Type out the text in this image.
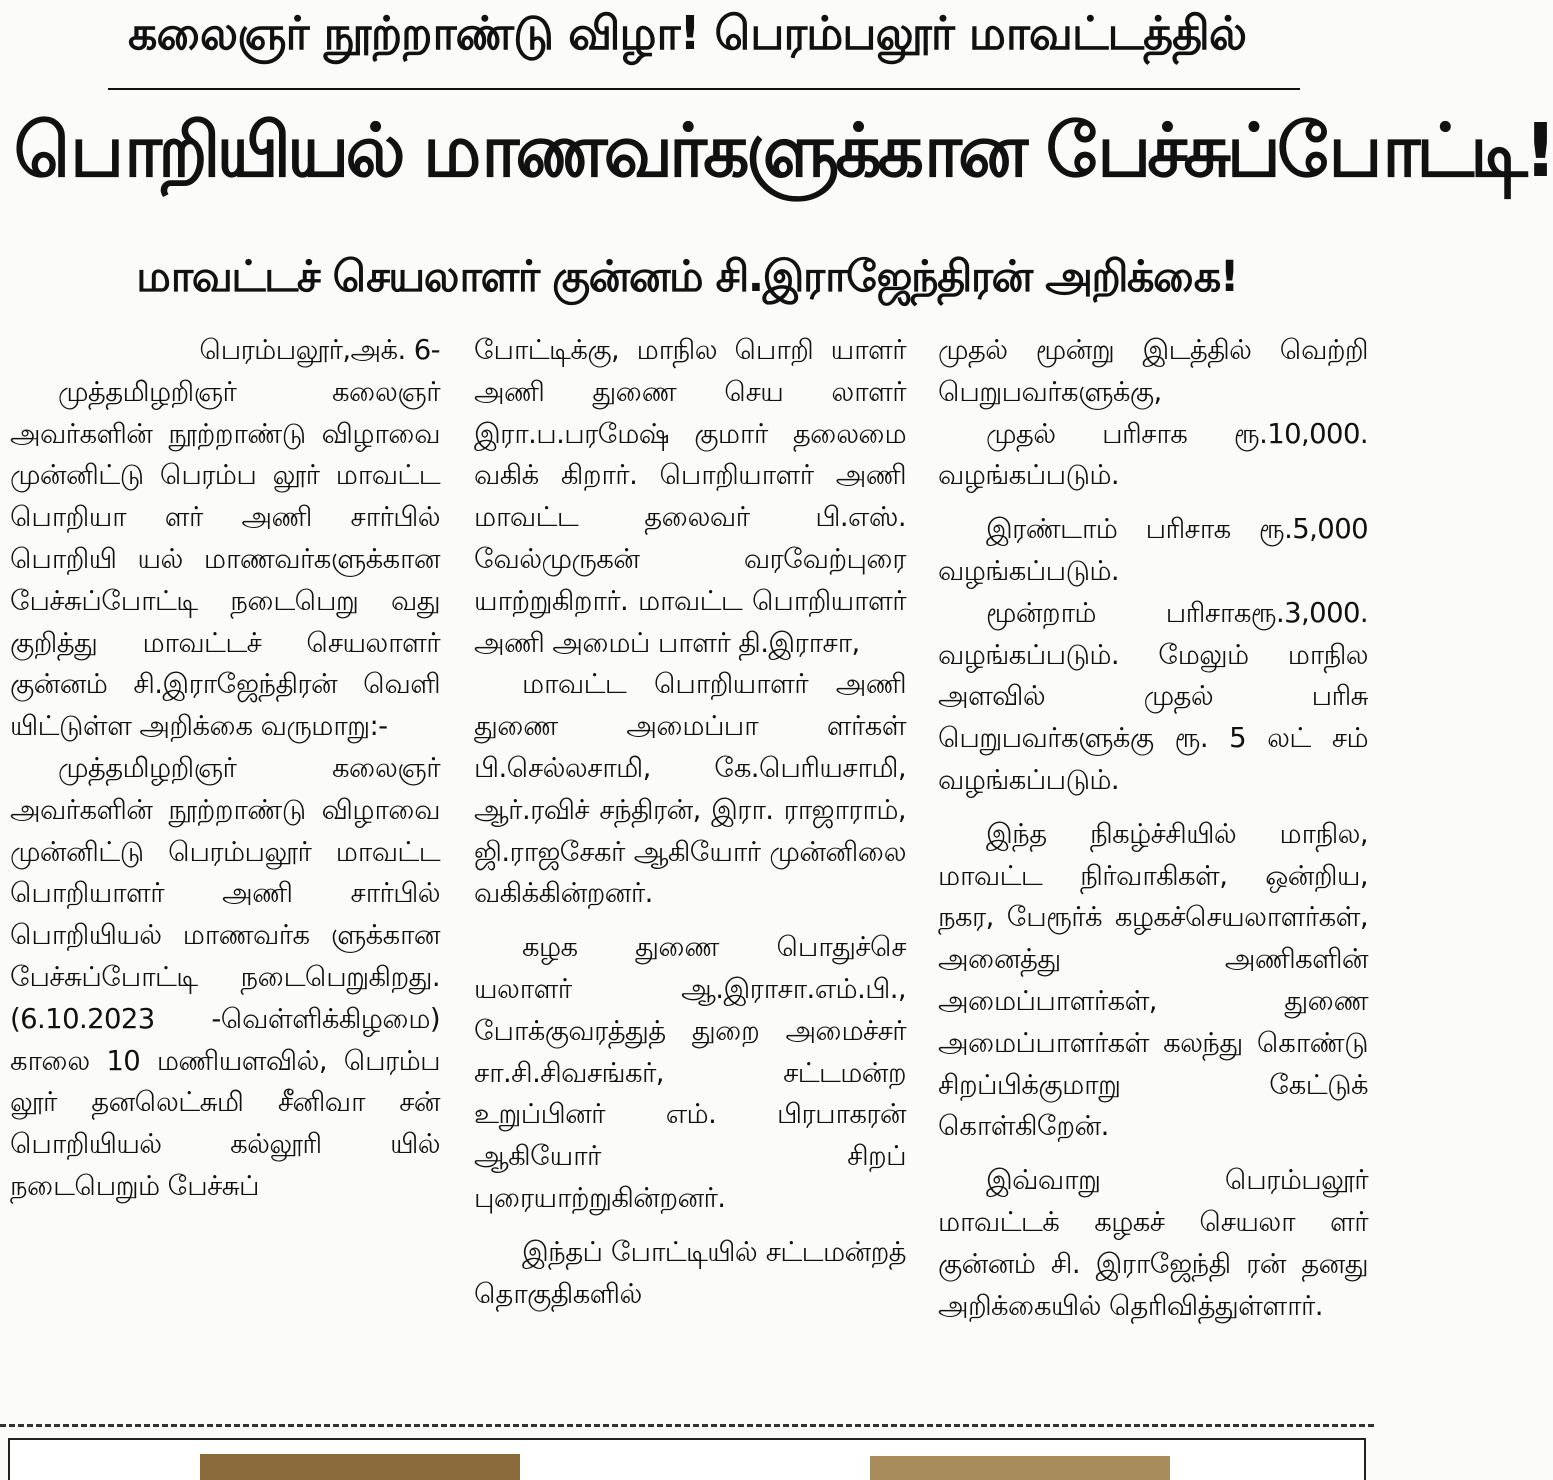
கலைஞர் நூற்றாண்டு விழா! பெரம்பலூர் மாவட்டத்தில்
பொறியியல் மாணவர்களுக்கான பேச்சுப்போட்டி!
மாவட்டச் செயலாளர் குன்னம் சி.இராஜேந்திரன் அறிக்கை!

பெரம்பலூர்,அக். 6-

முத்தமிழறிஞர் கலைஞர் அவர்களின் நூற்றாண்டு விழாவை முன்னிட்டு பெரம்ப லூர் மாவட்ட பொறியா ளர் அணி சார்பில் பொறியி யல் மாணவர்களுக்கான பேச்சுப்போட்டி நடைபெறு வது குறித்து மாவட்டச் செயலாளர் குன்னம் சி.இராஜேந்திரன் வெளி யிட்டுள்ள அறிக்கை வருமாறு:-

முத்தமிழறிஞர் கலைஞர் அவர்களின் நூற்றாண்டு விழாவை முன்னிட்டு பெரம்பலூர் மாவட்ட பொறியாளர் அணி சார்பில் பொறியியல் மாணவர்க ளுக்கான பேச்சுப்போட்டி நடைபெறுகிறது. (6.10.2023 -வெள்ளிக்கிழமை) காலை 10 மணியளவில், பெரம்ப லூர் தனலெட்சுமி சீனிவா சன் பொறியியல் கல்லூரி யில் நடைபெறும் பேச்சுப்

போட்டிக்கு, மாநில பொறி யாளர் அணி துணை செய லாளர் இரா.ப.பரமேஷ் குமார் தலைமை வகிக் கிறார். பொறியாளர் அணி மாவட்ட தலைவர் பி.எஸ். வேல்முருகன் வரவேற்புரை யாற்றுகிறார். மாவட்ட பொறியாளர் அணி அமைப் பாளர் தி.இராசா,

மாவட்ட பொறியாளர் அணி துணை அமைப்பா ளர்கள் பி.செல்லசாமி, கே.பெரியசாமி, ஆர்.ரவிச் சந்திரன், இரா. ராஜாராம், ஜி.ராஜசேகர் ஆகியோர் முன்னிலை வகிக்கின்றனர்.

கழக துணை பொதுச்செ யலாளர் ஆ.இராசா.எம்.பி., போக்குவரத்துத் துறை அமைச்சர் சா.சி.சிவசங்கர், சட்டமன்ற உறுப்பினர் எம். பிரபாகரன் ஆகியோர் சிறப் புரையாற்றுகின்றனர்.

இந்தப் போட்டியில் சட்டமன்றத் தொகுதிகளில்

முதல் மூன்று இடத்தில் வெற்றி பெறுபவர்களுக்கு,

முதல் பரிசாக ரூ.10,000. வழங்கப்படும்.

இரண்டாம் பரிசாக ரூ.5,000 வழங்கப்படும்.

மூன்றாம் பரிசாகரூ.3,000. வழங்கப்படும். மேலும் மாநில அளவில் முதல் பரிசு பெறுபவர்களுக்கு ரூ. 5 லட் சம் வழங்கப்படும்.

இந்த நிகழ்ச்சியில் மாநில, மாவட்ட நிர்வாகிகள், ஒன்றிய, நகர, பேரூர்க் கழகச்செயலாளர்கள், அனைத்து அணிகளின் அமைப்பாளர்கள், துணை அமைப்பாளர்கள் கலந்து கொண்டு சிறப்பிக்குமாறு கேட்டுக் கொள்கிறேன்.

இவ்வாறு பெரம்பலூர் மாவட்டக் கழகச் செயலா ளர் குன்னம் சி. இராஜேந்தி ரன் தனது அறிக்கையில் தெரிவித்துள்ளார்.
